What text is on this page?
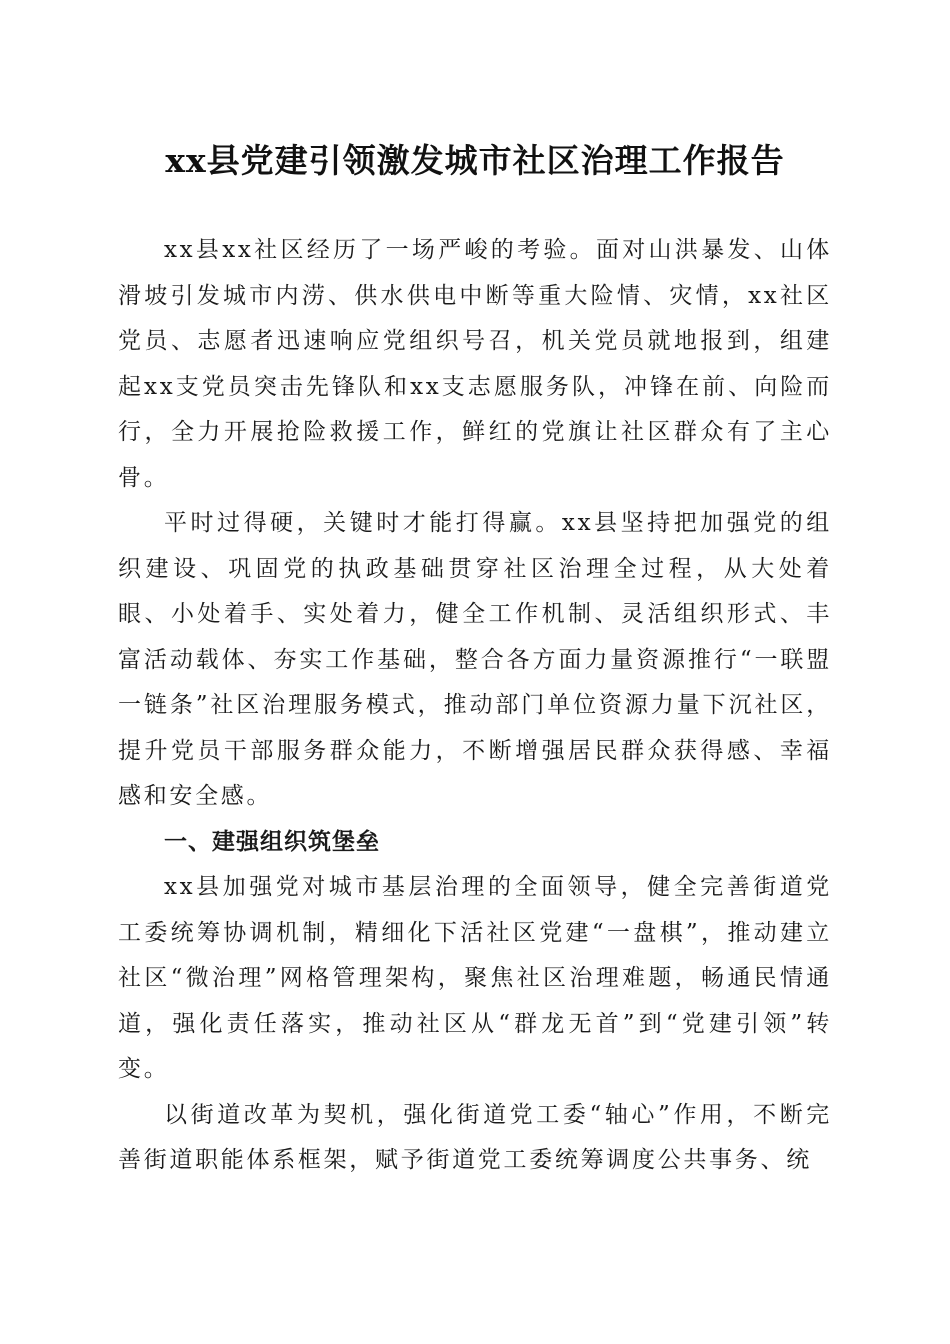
xx县党建引领激发城市社区治理工作报告

xx县xx社区经历了一场严峻的考验。面对山洪暴发、山体滑坡引发城市内涝、供水供电中断等重大险情、灾情，xx社区党员、志愿者迅速响应党组织号召，机关党员就地报到，组建起xx支党员突击先锋队和xx支志愿服务队，冲锋在前、向险而行，全力开展抢险救援工作，鲜红的党旗让社区群众有了主心骨。

平时过得硬，关键时才能打得赢。xx县坚持把加强党的组织建设、巩固党的执政基础贯穿社区治理全过程，从大处着眼、小处着手、实处着力，健全工作机制、灵活组织形式、丰富活动载体、夯实工作基础，整合各方面力量资源推行“一联盟一链条”社区治理服务模式，推动部门单位资源力量下沉社区，提升党员干部服务群众能力，不断增强居民群众获得感、幸福感和安全感。

一、建强组织筑堡垒

xx县加强党对城市基层治理的全面领导，健全完善街道党工委统筹协调机制，精细化下活社区党建“一盘棋”，推动建立社区“微治理”网格管理架构，聚焦社区治理难题，畅通民情通道，强化责任落实，推动社区从“群龙无首”到“党建引领”转变。

以街道改革为契机，强化街道党工委“轴心”作用，不断完善街道职能体系框架，赋予街道党工委统筹调度公共事务、统
